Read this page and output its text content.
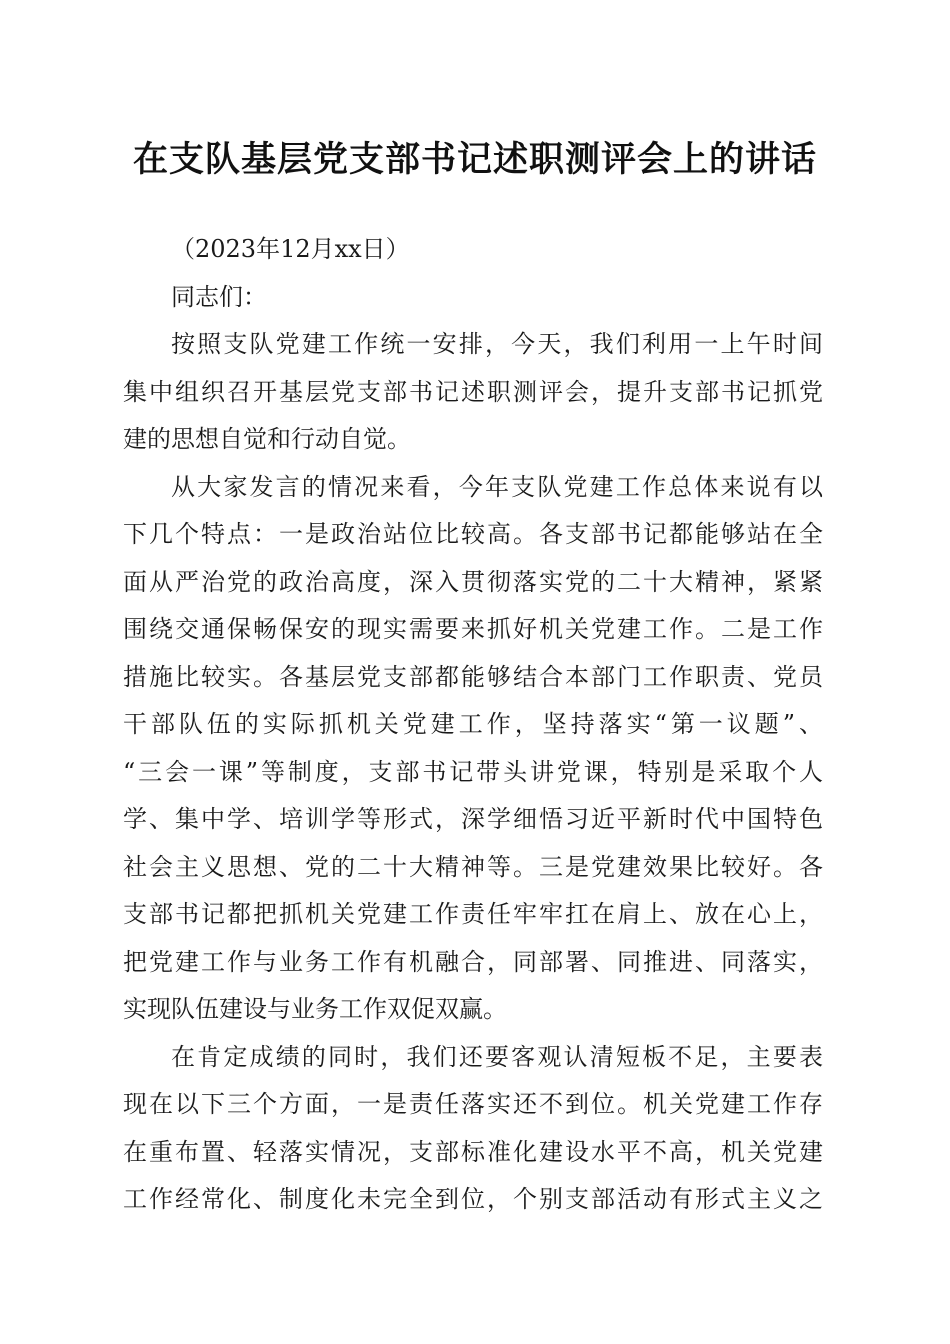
在支队基层党支部书记述职测评会上的讲话
（2023年12月xx日）
同志们：
按照支队党建工作统一安排，今天，我们利用一上午时间
集中组织召开基层党支部书记述职测评会，提升支部书记抓党
建的思想自觉和行动自觉。
从大家发言的情况来看，今年支队党建工作总体来说有以
下几个特点：一是政治站位比较高。各支部书记都能够站在全
面从严治党的政治高度，深入贯彻落实党的二十大精神，紧紧
围绕交通保畅保安的现实需要来抓好机关党建工作。二是工作
措施比较实。各基层党支部都能够结合本部门工作职责、党员
干部队伍的实际抓机关党建工作，坚持落实“第一议题”、
“三会一课”等制度，支部书记带头讲党课，特别是采取个人
学、集中学、培训学等形式，深学细悟习近平新时代中国特色
社会主义思想、党的二十大精神等。三是党建效果比较好。各
支部书记都把抓机关党建工作责任牢牢扛在肩上、放在心上，
把党建工作与业务工作有机融合，同部署、同推进、同落实，
实现队伍建设与业务工作双促双赢。
在肯定成绩的同时，我们还要客观认清短板不足，主要表
现在以下三个方面，一是责任落实还不到位。机关党建工作存
在重布置、轻落实情况，支部标准化建设水平不高，机关党建
工作经常化、制度化未完全到位，个别支部活动有形式主义之
